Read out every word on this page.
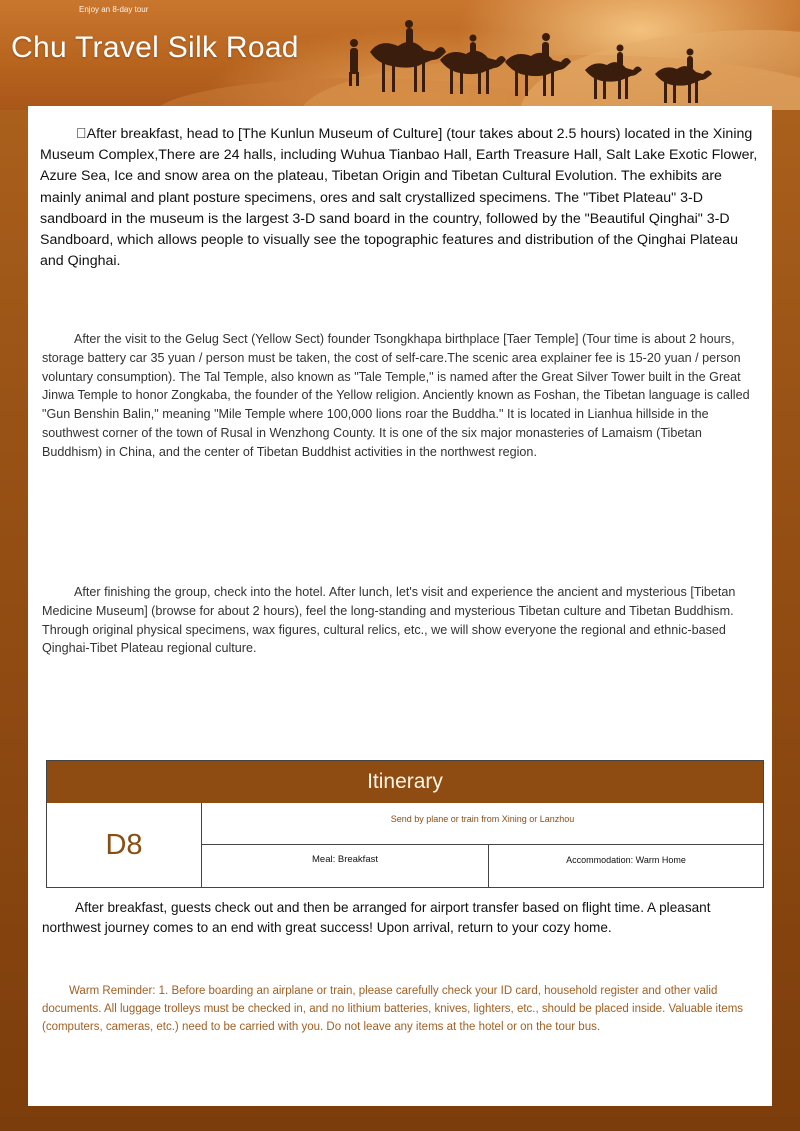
Enjoy an 8-day tour
Chu Travel Silk Road

 After breakfast, head to [The Kunlun Museum of Culture] (tour takes about 2.5 hours) located in the Xining Museum Complex,There are 24 halls, including Wuhua Tianbao Hall, Earth Treasure Hall, Salt Lake Exotic Flower, Azure Sea, Ice and snow area on the plateau, Tibetan Origin and Tibetan Cultural Evolution. The exhibits are mainly animal and plant posture specimens, ores and salt crystallized specimens. The "Tibet Plateau" 3-D sandboard in the museum is the largest 3-D sand board in the country, followed by the "Beautiful Qinghai" 3-D Sandboard, which allows people to visually see the topographic features and distribution of the Qinghai Plateau and Qinghai.

After the visit to the Gelug Sect (Yellow Sect) founder Tsongkhapa birthplace [Taer Temple] (Tour time is about 2 hours, storage battery car 35 yuan / person must be taken, the cost of self-care.The scenic area explainer fee is 15-20 yuan / person voluntary consumption). The Tal Temple, also known as "Tale Temple," is named after the Great Silver Tower built in the Great Jinwa Temple to honor Zongkaba, the founder of the Yellow religion. Anciently known as Foshan, the Tibetan language is called "Gun Benshin Balin," meaning "Mile Temple where 100,000 lions roar the Buddha." It is located in Lianhua hillside in the southwest corner of the town of Rusal in Wenzhong County. It is one of the six major monasteries of Lamaism (Tibetan Buddhism) in China, and the center of Tibetan Buddhist activities in the northwest region.

After finishing the group, check into the hotel. After lunch, let's visit and experience the ancient and mysterious [Tibetan Medicine Museum] (browse for about 2 hours), feel the long-standing and mysterious Tibetan culture and Tibetan Buddhism. Through original physical specimens, wax figures, cultural relics, etc., we will show everyone the regional and ethnic-based Qinghai-Tibet Plateau regional culture.

Itinerary
D8
Send by plane or train from Xining or Lanzhou
Meal: Breakfast	Accommodation: Warm Home

After breakfast, guests check out and then be arranged for airport transfer based on flight time. A pleasant northwest journey comes to an end with great success! Upon arrival, return to your cozy home.

Warm Reminder: 1. Before boarding an airplane or train, please carefully check your ID card, household register and other valid documents. All luggage trolleys must be checked in, and no lithium batteries, knives, lighters, etc., should be placed inside. Valuable items (computers, cameras, etc.) need to be carried with you. Do not leave any items at the hotel or on the tour bus.
